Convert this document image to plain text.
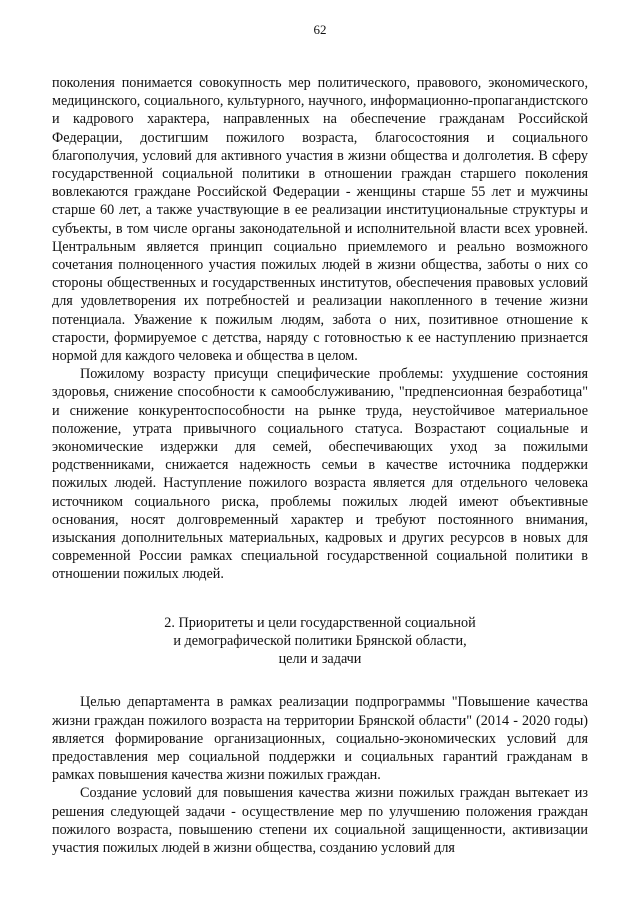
62

поколения понимается совокупность мер политического, правового, экономического, медицинского, социального, культурного, научного, информационно-пропагандистского и кадрового характера, направленных на обеспечение гражданам Российской Федерации, достигшим пожилого возраста, благосостояния и социального благополучия, условий для активного участия в жизни общества и долголетия. В сферу государственной социальной политики в отношении граждан старшего поколения вовлекаются граждане Российской Федерации - женщины старше 55 лет и мужчины старше 60 лет, а также участвующие в ее реализации институциональные структуры и субъекты, в том числе органы законодательной и исполнительной власти всех уровней. Центральным является принцип социально приемлемого и реально возможного сочетания полноценного участия пожилых людей в жизни общества, заботы о них со стороны общественных и государственных институтов, обеспечения правовых условий для удовлетворения их потребностей и реализации накопленного в течение жизни потенциала. Уважение к пожилым людям, забота о них, позитивное отношение к старости, формируемое с детства, наряду с готовностью к ее наступлению признается нормой для каждого человека и общества в целом.

Пожилому возрасту присущи специфические проблемы: ухудшение состояния здоровья, снижение способности к самообслуживанию, "предпенсионная безработица" и снижение конкурентоспособности на рынке труда, неустойчивое материальное положение, утрата привычного социального статуса. Возрастают социальные и экономические издержки для семей, обеспечивающих уход за пожилыми родственниками, снижается надежность семьи в качестве источника поддержки пожилых людей. Наступление пожилого возраста является для отдельного человека источником социального риска, проблемы пожилых людей имеют объективные основания, носят долговременный характер и требуют постоянного внимания, изыскания дополнительных материальных, кадровых и других ресурсов в новых для современной России рамках специальной государственной социальной политики в отношении пожилых людей.

2. Приоритеты и цели государственной социальной
и демографической политики Брянской области,
цели и задачи

Целью департамента в рамках реализации подпрограммы "Повышение качества жизни граждан пожилого возраста на территории Брянской области" (2014 - 2020 годы) является формирование организационных, социально-экономических условий для предоставления мер социальной поддержки и социальных гарантий гражданам в рамках повышения качества жизни пожилых граждан.

Создание условий для повышения качества жизни пожилых граждан вытекает из решения следующей задачи - осуществление мер по улучшению положения граждан пожилого возраста, повышению степени их социальной защищенности, активизации участия пожилых людей в жизни общества, созданию условий для
